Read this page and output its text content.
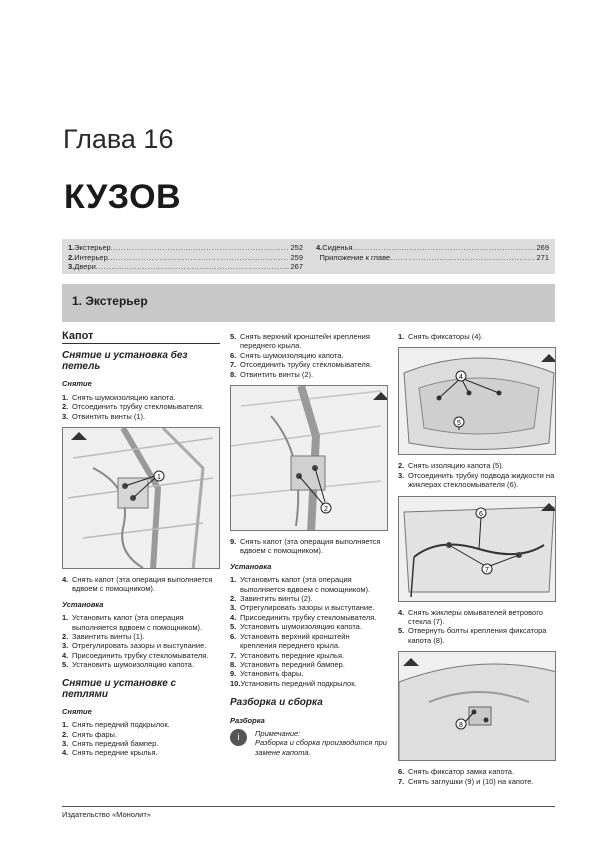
Глава 16
КУЗОВ
1. Экстерьер .....	252
2. Интерьер .....	259
3. Двери .....	267
4. Сиденья .....	269
Приложение к главе .....	271
1. Экстерьер
Капот
Снятие и установка без петель
Снятие
1. Снять шумоизоляцию капота.
2. Отсоединить трубку стекломывателя.
3. Отвинтить винты (1).
1
4. Снять капот (эта операция выполняется вдвоем с помощником).
Установка
1. Установить капот (эта операция выполняется вдвоем с помощником).
2. Завинтить винты (1).
3. Отрегулировать зазоры и выступание.
4. Присоединить трубку стекломывателя.
5. Установить шумоизоляцию капота.
Снятие и установке с петлями
Снятие
1. Снять передний подкрылок.
2. Снять фары.
3. Снять передний бампер.
4. Снять передние крылья.
5. Снять верхний кронштейн крепления переднего крыла.
6. Снять шумоизоляцию капота.
7. Отсоединить трубку стекломывателя.
8. Отвинтить винты (2).
2
9. Снять капот (эта операция выполняется вдвоем с помощником).
Установка
1. Установить капот (эта операция выполняется вдвоем с помощником).
2. Завинтить винты (2).
3. Отрегулировать зазоры и выступание.
4. Присоединить трубку стекломывателя.
5. Установить шумоизоляцию капота.
6. Установить верхний кронштейн крепления переднего крыла.
7. Установить передние крылья.
8. Установить передний бампер.
9. Установить фары.
10. Установить передний подкрылок.
Разборка и сборка
Разборка
i	Примечание:
Разборка и сборка производится при замене капота.
1. Снять фиксаторы (4).
4
5
2. Снять изоляцию капота (5).
3. Отсоединить трубку подвода жидкости на жиклерах стеклоомывателя (6).
6
7
4. Снять жиклеры омывателей ветрового стекла (7).
5. Отвернуть болты крепления фиксатора капота (8).
8
6. Снять фиксатор замка капота.
7. Снять заглушки (9) и (10) на капоте.
Издательство «Монолит»
